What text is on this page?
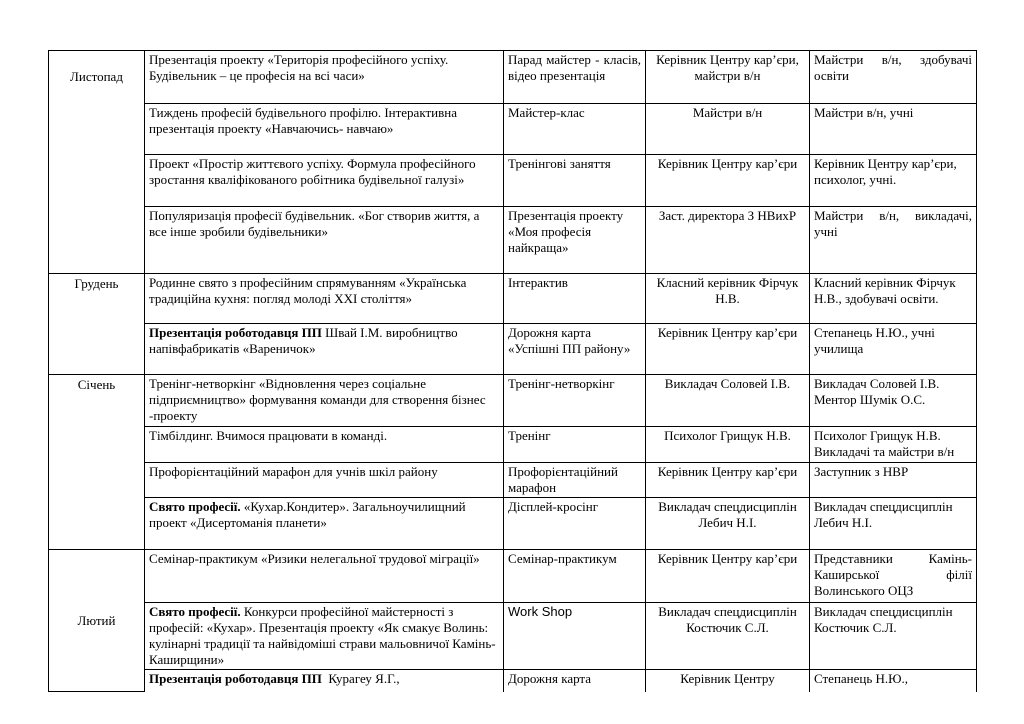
Листопад	Презентація проекту «Територія професійного успіху. Будівельник – це професія на всі часи»	Парад майстер - класів, відео презентація	Керівник Центру кар’єри, майстри в/н	Майстри в/н, здобувачі освіти
	Тиждень професій будівельного профілю. Інтерактивна презентація проекту «Навчаючись- навчаю»	Майстер-клас	Майстри в/н	Майстри в/н, учні
	Проект «Простір життєвого успіху. Формула професійного зростання кваліфікованого робітника будівельної галузі»	Тренінгові заняття	Керівник Центру кар’єри	Керівник Центру кар’єри, психолог, учні.
	Популяризація професії будівельник. «Бог створив життя, а все інше зробили будівельники»	Презентація проекту «Моя професія найкраща»	Заст. директора З НВихР	Майстри в/н, викладачі, учні
Грудень	Родинне свято з професійним спрямуванням «Українська традиційна кухня: погляд молоді ХХІ століття»	Інтерактив	Класний керівник Фірчук Н.В.	Класний керівник Фірчук Н.В., здобувачі освіти.
	Презентація роботодавця ПП Швай І.М. виробництво напівфабрикатів «Вареничок»	Дорожня карта «Успішні ПП району»	Керівник Центру кар’єри	Степанець Н.Ю., учні училища
Січень	Тренінг-нетворкінг «Відновлення через соціальне підприємництво» формування команди для створення бізнес -проекту	Тренінг-нетворкінг	Викладач Соловей І.В.	Викладач Соловей І.В. Ментор Шумік О.С.
	Тімбілдинг. Вчимося працювати в команді.	Тренінг	Психолог Грищук Н.В.	Психолог Грищук Н.В. Викладачі та майстри в/н
	Профорієнтаційний марафон для учнів шкіл району	Профорієнтаційний марафон	Керівник Центру кар’єри	Заступник з НВР
	Свято професії. «Кухар.Кондитер». Загальноучилищний проект «Дисертоманія планети»	Дісплей-кросінг	Викладач спецдисциплін Лебич Н.І.	Викладач спецдисциплін Лебич Н.І.
Лютий	Семінар-практикум «Ризики нелегальної трудової міграції»	Семінар-практикум	Керівник Центру кар’єри	Представники Камінь-Каширської філії Волинського ОЦЗ
	Свято професії. Конкурси професійної майстерності з професій: «Кухар». Презентація проекту «Як смакує Волинь: кулінарні традиції та найвідоміші страви мальовничої Камінь-Каширщини»	Work Shop	Викладач спецдисциплін Костючик С.Л.	Викладач спецдисциплін Костючик С.Л.
	Презентація роботодавця ПП  Курагеу Я.Г.,	Дорожня карта	Керівник Центру	Степанець Н.Ю.,
